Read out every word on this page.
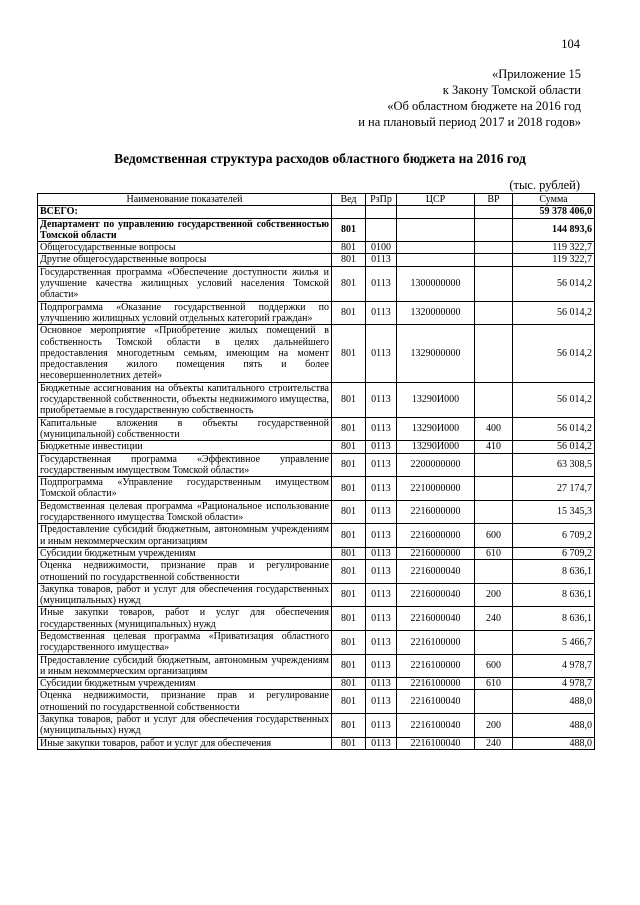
104
«Приложение 15
к Закону Томской области
«Об областном бюджете на 2016 год
и на плановый период 2017 и 2018 годов»
Ведомственная структура расходов областного бюджета на 2016 год
(тыс. рублей)
Наименование показателей	Вед	РзПр	ЦСР	ВР	Сумма
ВСЕГО:					59 378 406,0
Департамент по управлению государственной собственностью Томской области	801				144 893,6
Общегосударственные вопросы	801	0100			119 322,7
Другие общегосударственные вопросы	801	0113			119 322,7
Государственная программа «Обеспечение доступности жилья и улучшение качества жилищных условий населения Томской области»	801	0113	1300000000		56 014,2
Подпрограмма «Оказание государственной поддержки по улучшению жилищных условий отдельных категорий граждан»	801	0113	1320000000		56 014,2
Основное мероприятие «Приобретение жилых помещений в собственность Томской области в целях дальнейшего предоставления многодетным семьям, имеющим на момент предоставления жилого помещения пять и более несовершеннолетних детей»	801	0113	1329000000		56 014,2
Бюджетные ассигнования на объекты капитального строительства государственной собственности, объекты недвижимого имущества, приобретаемые в государственную собственность	801	0113	13290И000		56 014,2
Капитальные вложения в объекты государственной (муниципальной) собственности	801	0113	13290И000	400	56 014,2
Бюджетные инвестиции	801	0113	13290И000	410	56 014,2
Государственная программа «Эффективное управление государственным имуществом Томской области»	801	0113	2200000000		63 308,5
Подпрограмма «Управление государственным имуществом Томской области»	801	0113	2210000000		27 174,7
Ведомственная целевая программа «Рациональное использование государственного имущества Томской области»	801	0113	2216000000		15 345,3
Предоставление субсидий бюджетным, автономным учреждениям и иным некоммерческим организациям	801	0113	2216000000	600	6 709,2
Субсидии бюджетным учреждениям	801	0113	2216000000	610	6 709,2
Оценка недвижимости, признание прав и регулирование отношений по государственной собственности	801	0113	2216000040		8 636,1
Закупка товаров, работ и услуг для обеспечения государственных (муниципальных) нужд	801	0113	2216000040	200	8 636,1
Иные закупки товаров, работ и услуг для обеспечения государственных (муниципальных) нужд	801	0113	2216000040	240	8 636,1
Ведомственная целевая программа «Приватизация областного государственного имущества»	801	0113	2216100000		5 466,7
Предоставление субсидий бюджетным, автономным учреждениям и иным некоммерческим организациям	801	0113	2216100000	600	4 978,7
Субсидии бюджетным учреждениям	801	0113	2216100000	610	4 978,7
Оценка недвижимости, признание прав и регулирование отношений по государственной собственности	801	0113	2216100040		488,0
Закупка товаров, работ и услуг для обеспечения государственных (муниципальных) нужд	801	0113	2216100040	200	488,0
Иные закупки товаров, работ и услуг для обеспечения	801	0113	2216100040	240	488,0
